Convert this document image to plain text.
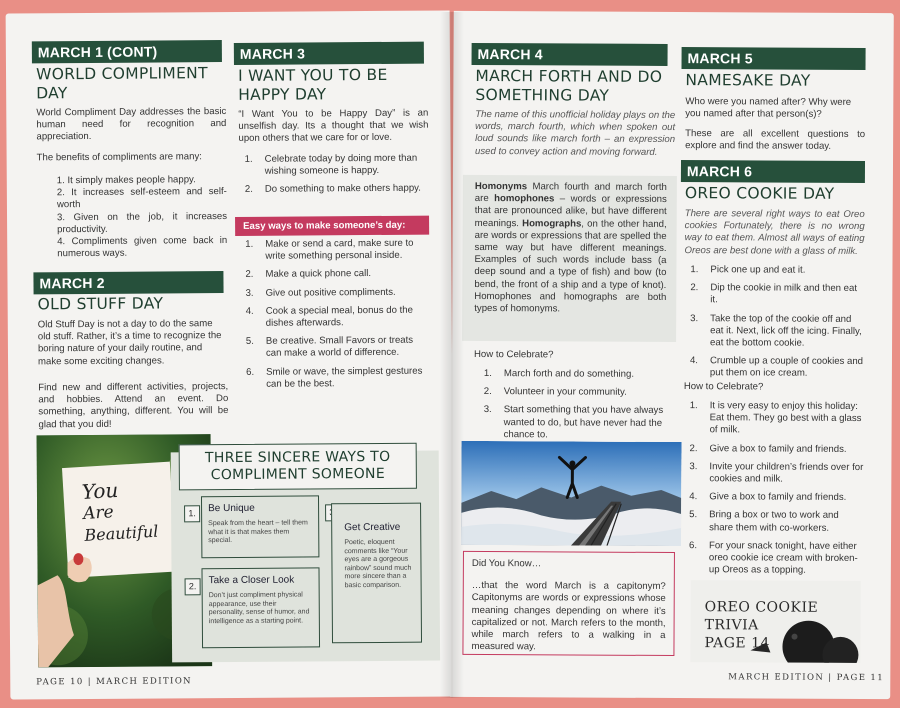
MARCH 1 (CONT)
WORLD COMPLIMENT
DAY
World Compliment Day addresses the basic human need for recognition and appreciation.
The benefits of compliments are many:
1. It simply makes people happy.
2. It increases self-esteem and self-worth
3. Given on the job, it increases productivity.
4. Compliments given come back in numerous ways.
MARCH 2
OLD STUFF DAY
Old Stuff Day is not a day to do the same old stuff. Rather, it’s a time to recognize the boring nature of your daily routine, and make some exciting changes.
Find new and different activities, projects, and hobbies. Attend an event. Do something, anything, different. You will be glad that you did!
MARCH 3
I WANT YOU TO BE
HAPPY DAY
“I Want You to be Happy Day” is an unselfish day. Its a thought that we wish upon others that we care for or love.
1. Celebrate today by doing more than wishing someone is happy.
2. Do something to make others happy.
Easy ways to make someone’s day:
1. Make or send a card, make sure to write something personal inside.
2. Make a quick phone call.
3. Give out positive compliments.
4. Cook a special meal, bonus do the dishes afterwards.
5. Be creative. Small Favors or treats can make a world of difference.
6. Smile or wave, the simplest gestures can be the best.
You
Are
Beautiful
THREE SINCERE WAYS TO
COMPLIMENT SOMEONE
1.	Be Unique
Speak from the heart – tell them what it is that makes them special.
2.
Take a Closer Look
Don’t just compliment physical appearance, use their personality, sense of humor, and intelligence as a starting point.
Get Creative
Poetic, eloquent comments like “Your eyes are a gorgeous rainbow” sound much more sincere than a basic comparison.
PAGE 10 | MARCH EDITION
MARCH 4
MARCH FORTH AND DO
SOMETHING DAY
The name of this unofficial holiday plays on the words, march fourth, which when spoken out loud sounds like march forth – an expression used to convey action and moving forward.
Homonyms March fourth and march forth are homophones – words or expressions that are pronounced alike, but have different meanings. Homographs, on the other hand, are words or expressions that are spelled the same way but have different meanings. Examples of such words include bass (a deep sound and a type of fish) and bow (to bend, the front of a ship and a type of knot). Homophones and homographs are both types of homonyms.
How to Celebrate?
1. March forth and do something.
2. Volunteer in your community.
3. Start something that you have always wanted to do, but have never had the chance to.
Did You Know…
…that the word March is a capitonym? Capitonyms are words or expressions whose meaning changes depending on where it’s capitalized or not. March refers to the month, while march refers to a walking in a measured way.
MARCH 5
NAMESAKE DAY
Who were you named after? Why were you named after that person(s)?
These are all excellent questions to explore and find the answer today.
MARCH 6
OREO COOKIE DAY
There are several right ways to eat Oreo cookies Fortunately, there is no wrong way to eat them. Almost all ways of eating Oreos are best done with a glass of milk.
1. Pick one up and eat it.
2. Dip the cookie in milk and then eat it.
3. Take the top of the cookie off and eat it. Next, lick off the icing. Finally, eat the bottom cookie.
4. Crumble up a couple of cookies and put them on ice cream.
How to Celebrate?
1. It is very easy to enjoy this holiday: Eat them. They go best with a glass of milk.
2. Give a box to family and friends.
3. Invite your children’s friends over for cookies and milk.
4. Give a box to family and friends.
5. Bring a box or two to work and share them with co-workers.
6. For your snack tonight, have either oreo cookie ice cream with broken-up Oreos as a topping.
OREO COOKIE TRIVIA
PAGE 14
MARCH EDITION | PAGE 11
